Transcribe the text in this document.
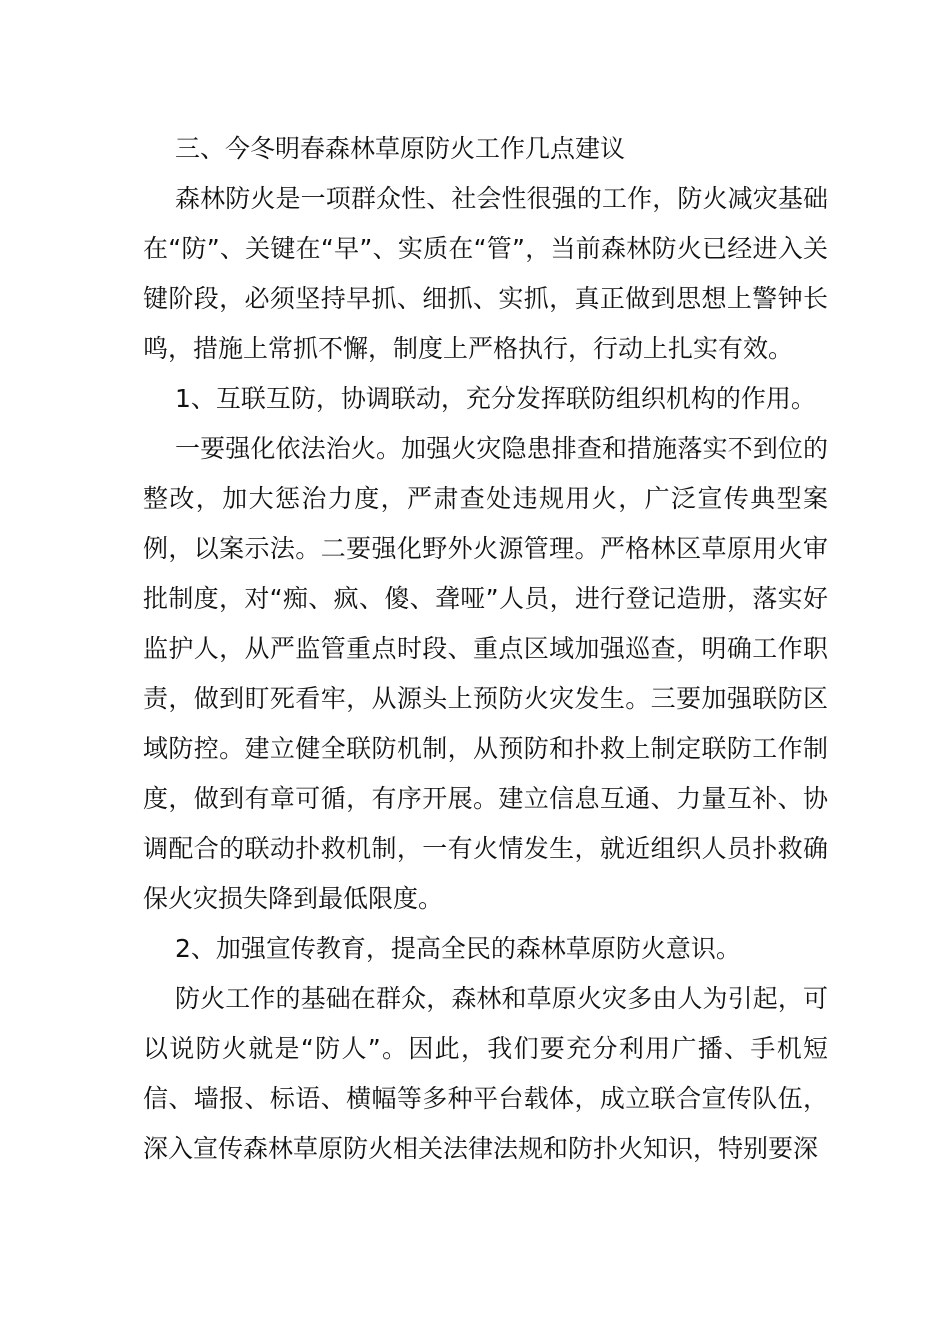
三、今冬明春森林草原防火工作几点建议

森林防火是一项群众性、社会性很强的工作，防火减灾基础在“防”、关键在“早”、实质在“管”，当前森林防火已经进入关键阶段，必须坚持早抓、细抓、实抓，真正做到思想上警钟长鸣，措施上常抓不懈，制度上严格执行，行动上扎实有效。

1、互联互防，协调联动，充分发挥联防组织机构的作用。

一要强化依法治火。加强火灾隐患排查和措施落实不到位的整改，加大惩治力度，严肃查处违规用火，广泛宣传典型案例，以案示法。二要强化野外火源管理。严格林区草原用火审批制度，对“痴、疯、傻、聋哑”人员，进行登记造册，落实好监护人，从严监管重点时段、重点区域加强巡查，明确工作职责，做到盯死看牢，从源头上预防火灾发生。三要加强联防区域防控。建立健全联防机制，从预防和扑救上制定联防工作制度，做到有章可循，有序开展。建立信息互通、力量互补、协调配合的联动扑救机制，一有火情发生，就近组织人员扑救确保火灾损失降到最低限度。

2、加强宣传教育，提高全民的森林草原防火意识。

防火工作的基础在群众，森林和草原火灾多由人为引起，可以说防火就是“防人”。因此，我们要充分利用广播、手机短信、墙报、标语、横幅等多种平台载体，成立联合宣传队伍，深入宣传森林草原防火相关法律法规和防扑火知识，特别要深
